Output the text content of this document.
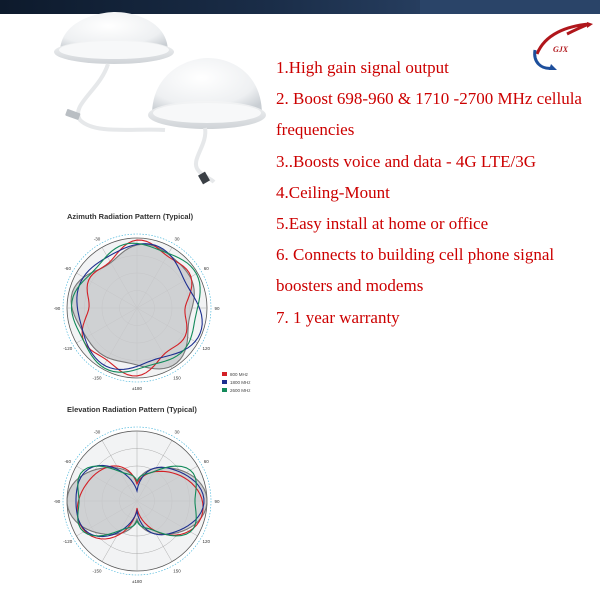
GJX
1.High gain signal output
2. Boost 698-960 & 1710 -2700 MHz cellula
frequencies
3..Boosts voice and data - 4G LTE/3G
4.Ceiling-Mount
5.Easy install at home or office
6. Connects to building cell phone signal
boosters and modems
7. 1 year warranty
Azimuth Radiation Pattern (Typical)
-30	30
-60	60
-90	90
-120	120
-150	150
±180
800 MHz
1800 MHz
2600 MHz
Elevation Radiation Pattern (Typical)
-30	30
-60	60
-90	90
-120	120
-150	150
±180
